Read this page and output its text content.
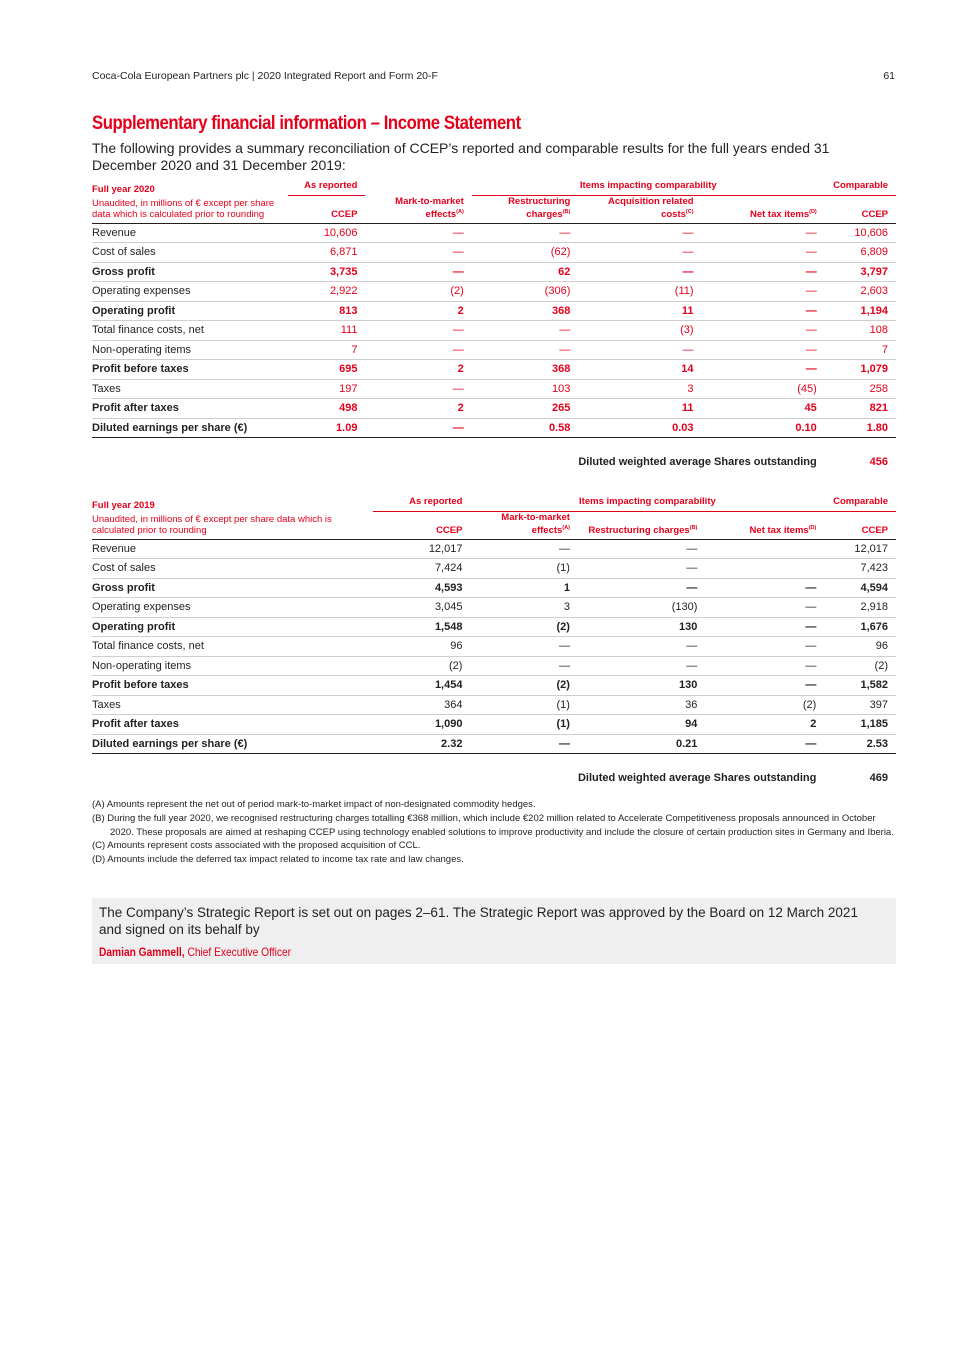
Coca-Cola European Partners plc | 2020 Integrated Report and Form 20-F	61
Supplementary financial information – Income Statement
The following provides a summary reconciliation of CCEP’s reported and comparable results for the full years ended 31 December 2020 and 31 December 2019:
Full year 2020	As reported		Items impacting comparability			Comparable
Unaudited, in millions of € except per share data which is calculated prior to rounding	CCEP	Mark-to-market effects$^{(A)}$	Restructuring charges$^{(B)}$	Acquisition related costs$^{(C)}$	Net tax items$^{(D)}$	CCEP
Revenue	10,606	—	—	—	—	10,606
Cost of sales	6,871	—	(62)	—	—	6,809
Gross profit	3,735	—	62	—	—	3,797
Operating expenses	2,922	(2)	(306)	(11)	—	2,603
Operating profit	813	2	368	11	—	1,194
Total finance costs, net	111	—	—	(3)	—	108
Non-operating items	7	—	—	—	—	7
Profit before taxes	695	2	368	14	—	1,079
Taxes	197	—	103	3	(45)	258
Profit after taxes	498	2	265	11	45	821
Diluted earnings per share (€)	1.09	—	0.58	0.03	0.10	1.80
				Diluted weighted average Shares outstanding		456
Full year 2019	As reported	Items impacting comparability			Comparable
Unaudited, in millions of € except per share data which is calculated prior to rounding	CCEP	Mark-to-market effects$^{(A)}$	Restructuring charges$^{(B)}$	Net tax items$^{(D)}$	CCEP
Revenue	12,017	—	—		12,017
Cost of sales	7,424	(1)	—		7,423
Gross profit	4,593	1	—	—	4,594
Operating expenses	3,045	3	(130)	—	2,918
Operating profit	1,548	(2)	130	—	1,676
Total finance costs, net	96	—	—	—	96
Non-operating items	(2)	—	—	—	(2)
Profit before taxes	1,454	(2)	130	—	1,582
Taxes	364	(1)	36	(2)	397
Profit after taxes	1,090	(1)	94	2	1,185
Diluted earnings per share (€)	2.32	—	0.21	—	2.53
			Diluted weighted average Shares outstanding		469

(A) Amounts represent the net out of period mark-to-market impact of non-designated commodity hedges.

(B) During the full year 2020, we recognised restructuring charges totalling €368 million, which include €202 million related to Accelerate Competitiveness proposals announced in October 2020. These proposals are aimed at reshaping CCEP using technology enabled solutions to improve productivity and include the closure of certain production sites in Germany and Iberia.

(C) Amounts represent costs associated with the proposed acquisition of CCL.

(D) Amounts include the deferred tax impact related to income tax rate and law changes.

The Company’s Strategic Report is set out on pages 2–61. The Strategic Report was approved by the Board on 12 March 2021 and signed on its behalf by
Damian Gammell, Chief Executive Officer
